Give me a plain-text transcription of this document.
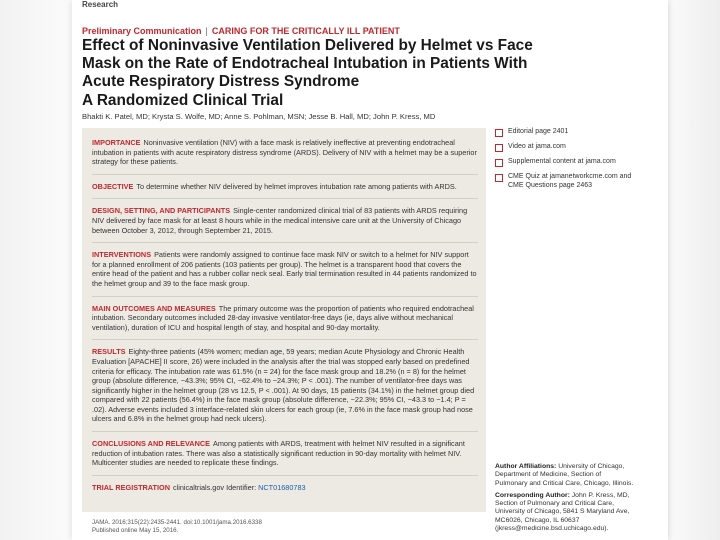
Research
Preliminary Communication | CARING FOR THE CRITICALLY ILL PATIENT
Effect of Noninvasive Ventilation Delivered by Helmet vs Face Mask on the Rate of Endotracheal Intubation in Patients With Acute Respiratory Distress Syndrome
A Randomized Clinical Trial
Bhakti K. Patel, MD; Krysta S. Wolfe, MD; Anne S. Pohlman, MSN; Jesse B. Hall, MD; John P. Kress, MD

IMPORTANCE Noninvasive ventilation (NIV) with a face mask is relatively ineffective at preventing endotracheal intubation in patients with acute respiratory distress syndrome (ARDS). Delivery of NIV with a helmet may be a superior strategy for these patients.

OBJECTIVE To determine whether NIV delivered by helmet improves intubation rate among patients with ARDS.

DESIGN, SETTING, AND PARTICIPANTS Single-center randomized clinical trial of 83 patients with ARDS requiring NIV delivered by face mask for at least 8 hours while in the medical intensive care unit at the University of Chicago between October 3, 2012, through September 21, 2015.

INTERVENTIONS Patients were randomly assigned to continue face mask NIV or switch to a helmet for NIV support for a planned enrollment of 206 patients (103 patients per group). The helmet is a transparent hood that covers the entire head of the patient and has a rubber collar neck seal. Early trial termination resulted in 44 patients randomized to the helmet group and 39 to the face mask group.

MAIN OUTCOMES AND MEASURES The primary outcome was the proportion of patients who required endotracheal intubation. Secondary outcomes included 28-day invasive ventilator-free days (ie, days alive without mechanical ventilation), duration of ICU and hospital length of stay, and hospital and 90-day mortality.

RESULTS Eighty-three patients (45% women; median age, 59 years; median Acute Physiology and Chronic Health Evaluation [APACHE] II score, 26) were included in the analysis after the trial was stopped early based on predefined criteria for efficacy. The intubation rate was 61.5% (n = 24) for the face mask group and 18.2% (n = 8) for the helmet group (absolute difference, −43.3%; 95% CI, −62.4% to −24.3%; P < .001). The number of ventilator-free days was significantly higher in the helmet group (28 vs 12.5, P < .001). At 90 days, 15 patients (34.1%) in the helmet group died compared with 22 patients (56.4%) in the face mask group (absolute difference, −22.3%; 95% CI, −43.3 to −1.4; P = .02). Adverse events included 3 interface-related skin ulcers for each group (ie, 7.6% in the face mask group had nose ulcers and 6.8% in the helmet group had neck ulcers).

CONCLUSIONS AND RELEVANCE Among patients with ARDS, treatment with helmet NIV resulted in a significant reduction of intubation rates. There was also a statistically significant reduction in 90-day mortality with helmet NIV. Multicenter studies are needed to replicate these findings.

TRIAL REGISTRATION clinicaltrials.gov Identifier: NCT01680783

Editorial page 2401
Video at jama.com
Supplemental content at jama.com
CME Quiz at jamanetworkcme.com and CME Questions page 2463

Author Affiliations: University of Chicago, Department of Medicine, Section of Pulmonary and Critical Care, Chicago, Illinois.

Corresponding Author: John P. Kress, MD, Section of Pulmonary and Critical Care, University of Chicago, 5841 S Maryland Ave, MC6026, Chicago, IL 60637 (jkress@medicine.bsd.uchicago.edu).

JAMA. 2016;315(22):2435-2441. doi:10.1001/jama.2016.6338
Published online May 15, 2016.
